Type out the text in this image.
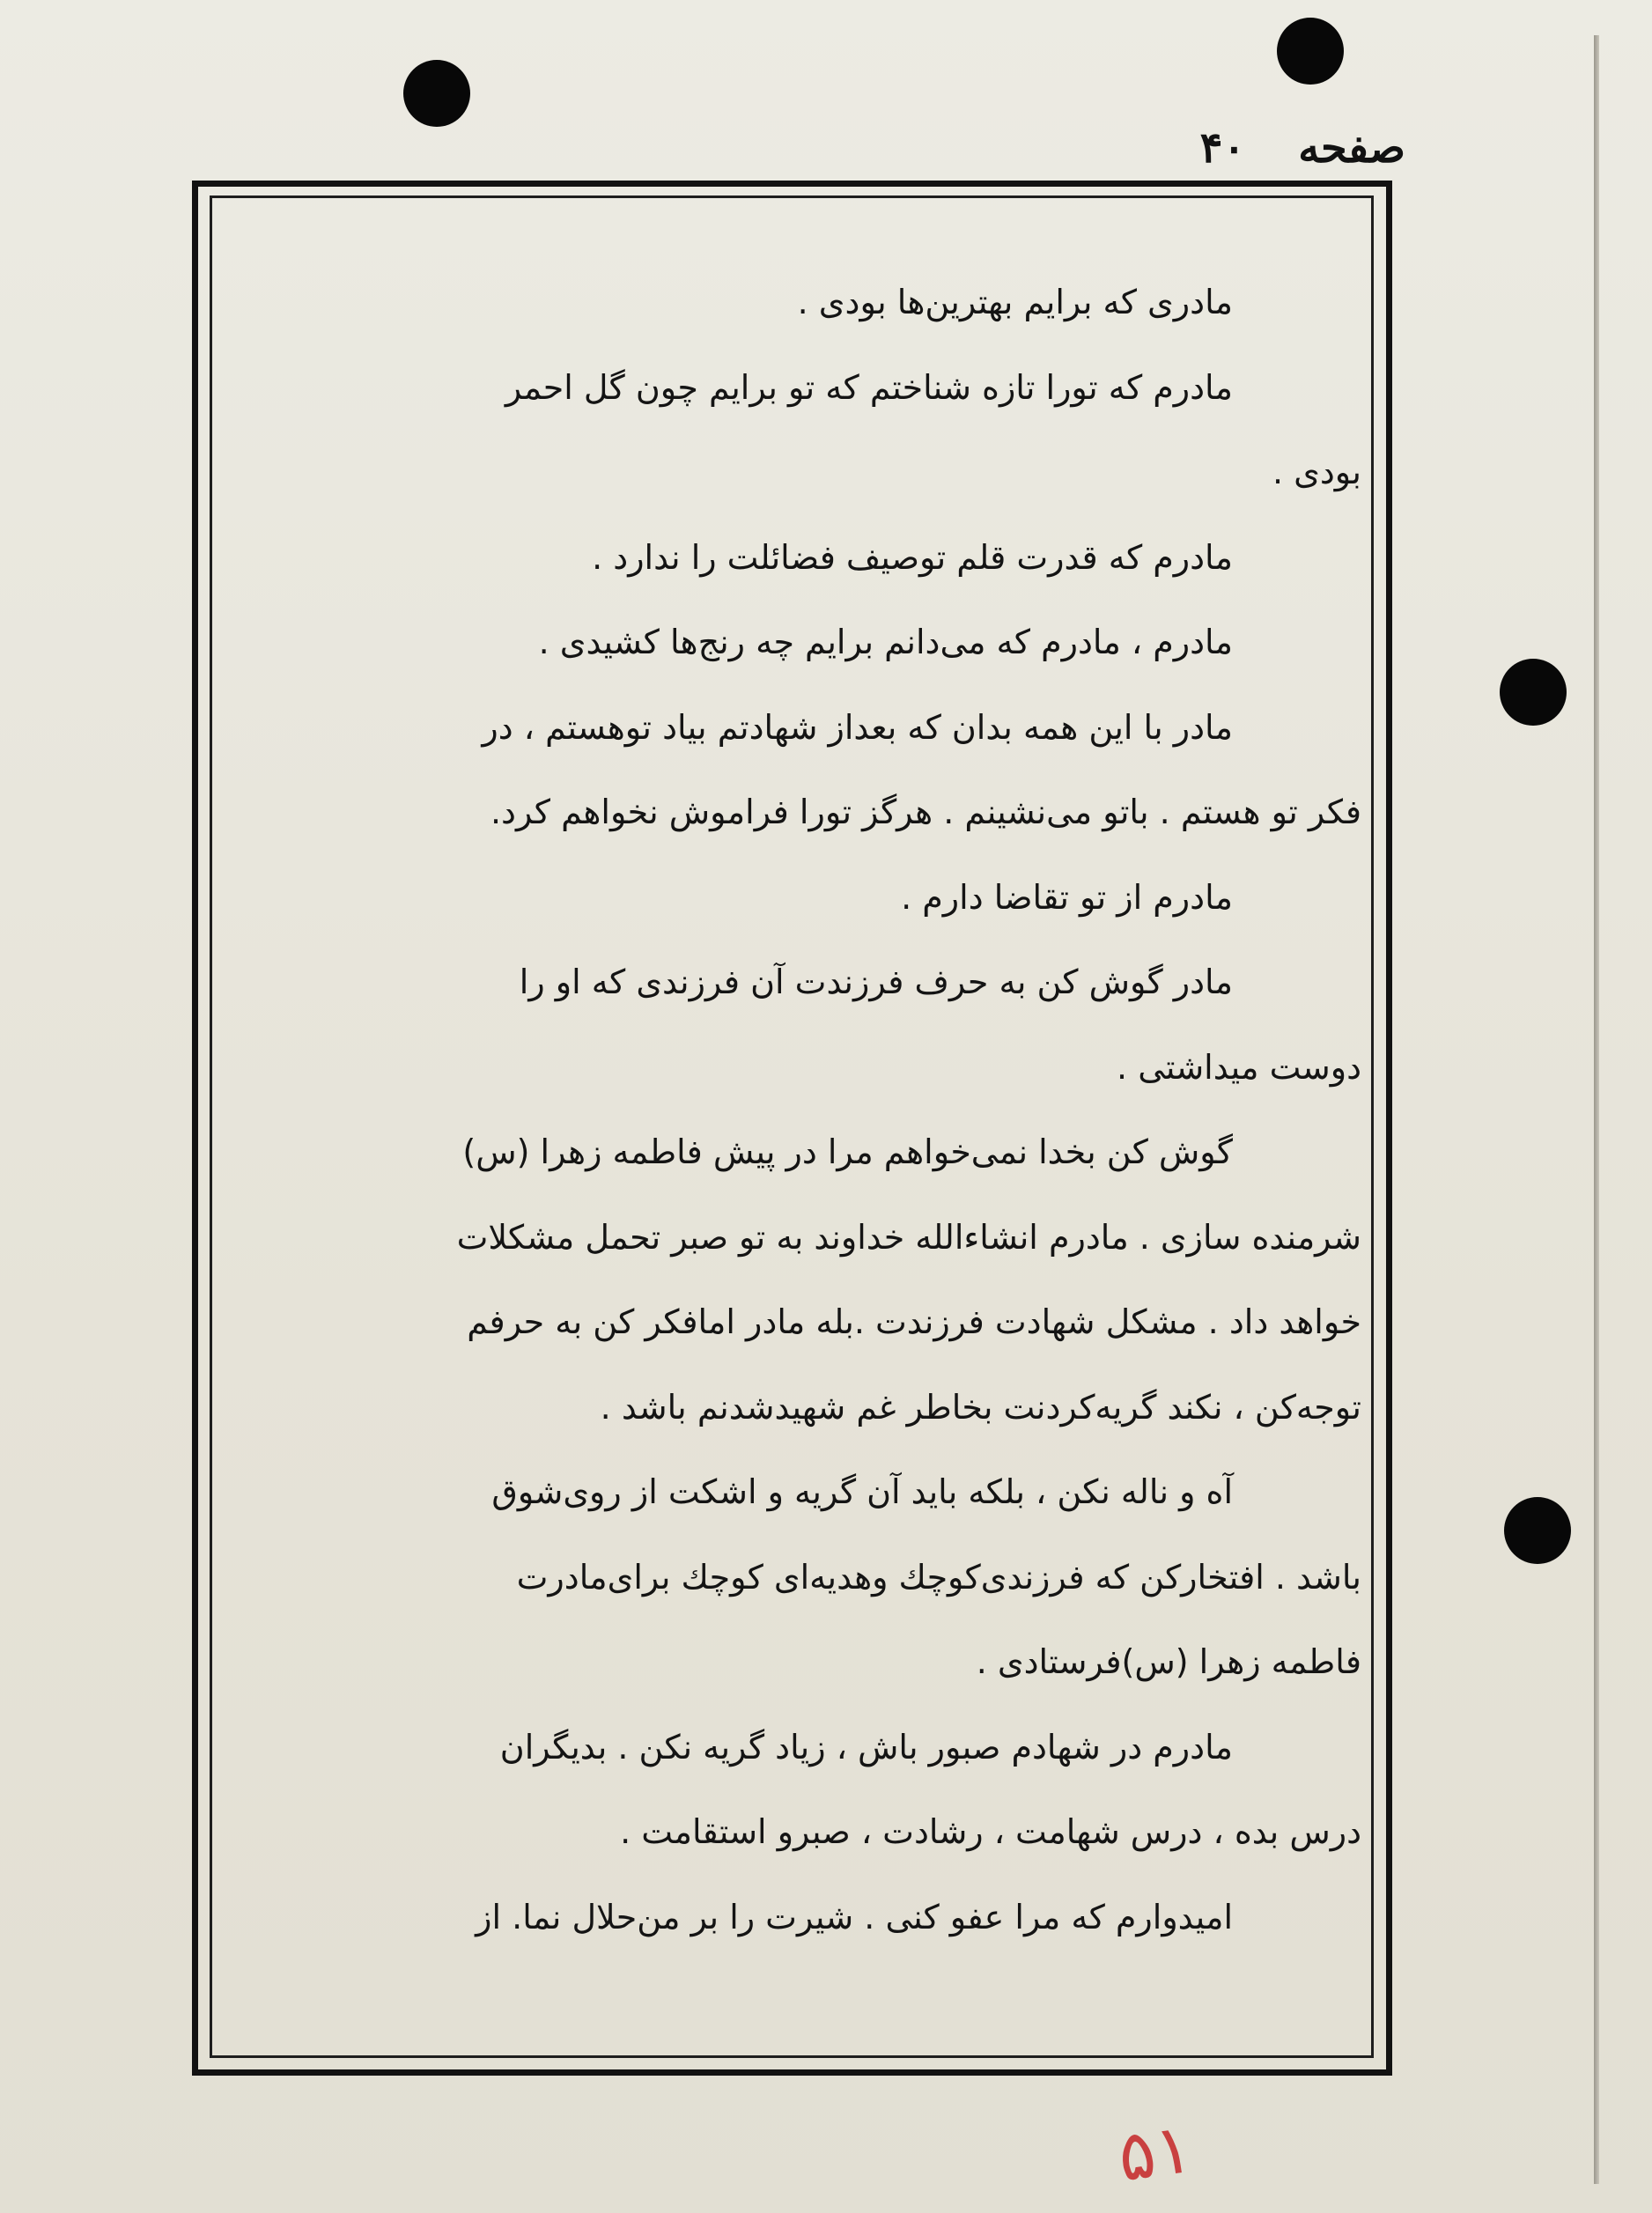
صفحه
۴۰
مادری که برایم بهترین‌ها بودی .
مادرم که تورا تازه شناختم که تو برایم چون گل احمر
بودی .
مادرم که قدرت قلم توصیف فضائلت را ندارد .
مادرم ، مادرم که می‌دانم برایم چه رنج‌ها کشیدی .
مادر با این همه بدان که بعداز شهادتم بیاد توهستم ، در
فکر تو هستم . باتو می‌نشینم . هرگز تورا فراموش نخواهم کرد.
مادرم از تو تقاضا دارم .
مادر گوش کن به حرف فرزندت آن فرزندی که او را
دوست میداشتی .
گوش کن بخدا نمی‌خواهم مرا در پیش فاطمه زهرا (س)
شرمنده سازی . مادرم انشاءالله خداوند به تو صبر تحمل مشکلات
خواهد داد . مشکل شهادت فرزندت .بله مادر امافکر کن به حرفم
توجه‌کن ، نکند گریه‌کردنت بخاطر غم شهیدشدنم باشد .
آه و ناله نکن ، بلکه باید آن گریه و اشکت از روی‌شوق
باشد . افتخارکن که فرزندی‌کوچك وهدیه‌ای کوچك برای‌مادرت
فاطمه زهرا (س)فرستادی .
مادرم در شهادم صبور باش ، زیاد گریه نکن . بدیگران
درس بده ، درس شهامت ، رشادت ، صبرو استقامت .
امیدوارم که مرا عفو کنی . شیرت را بر من‌حلال نما. از
۵۱
